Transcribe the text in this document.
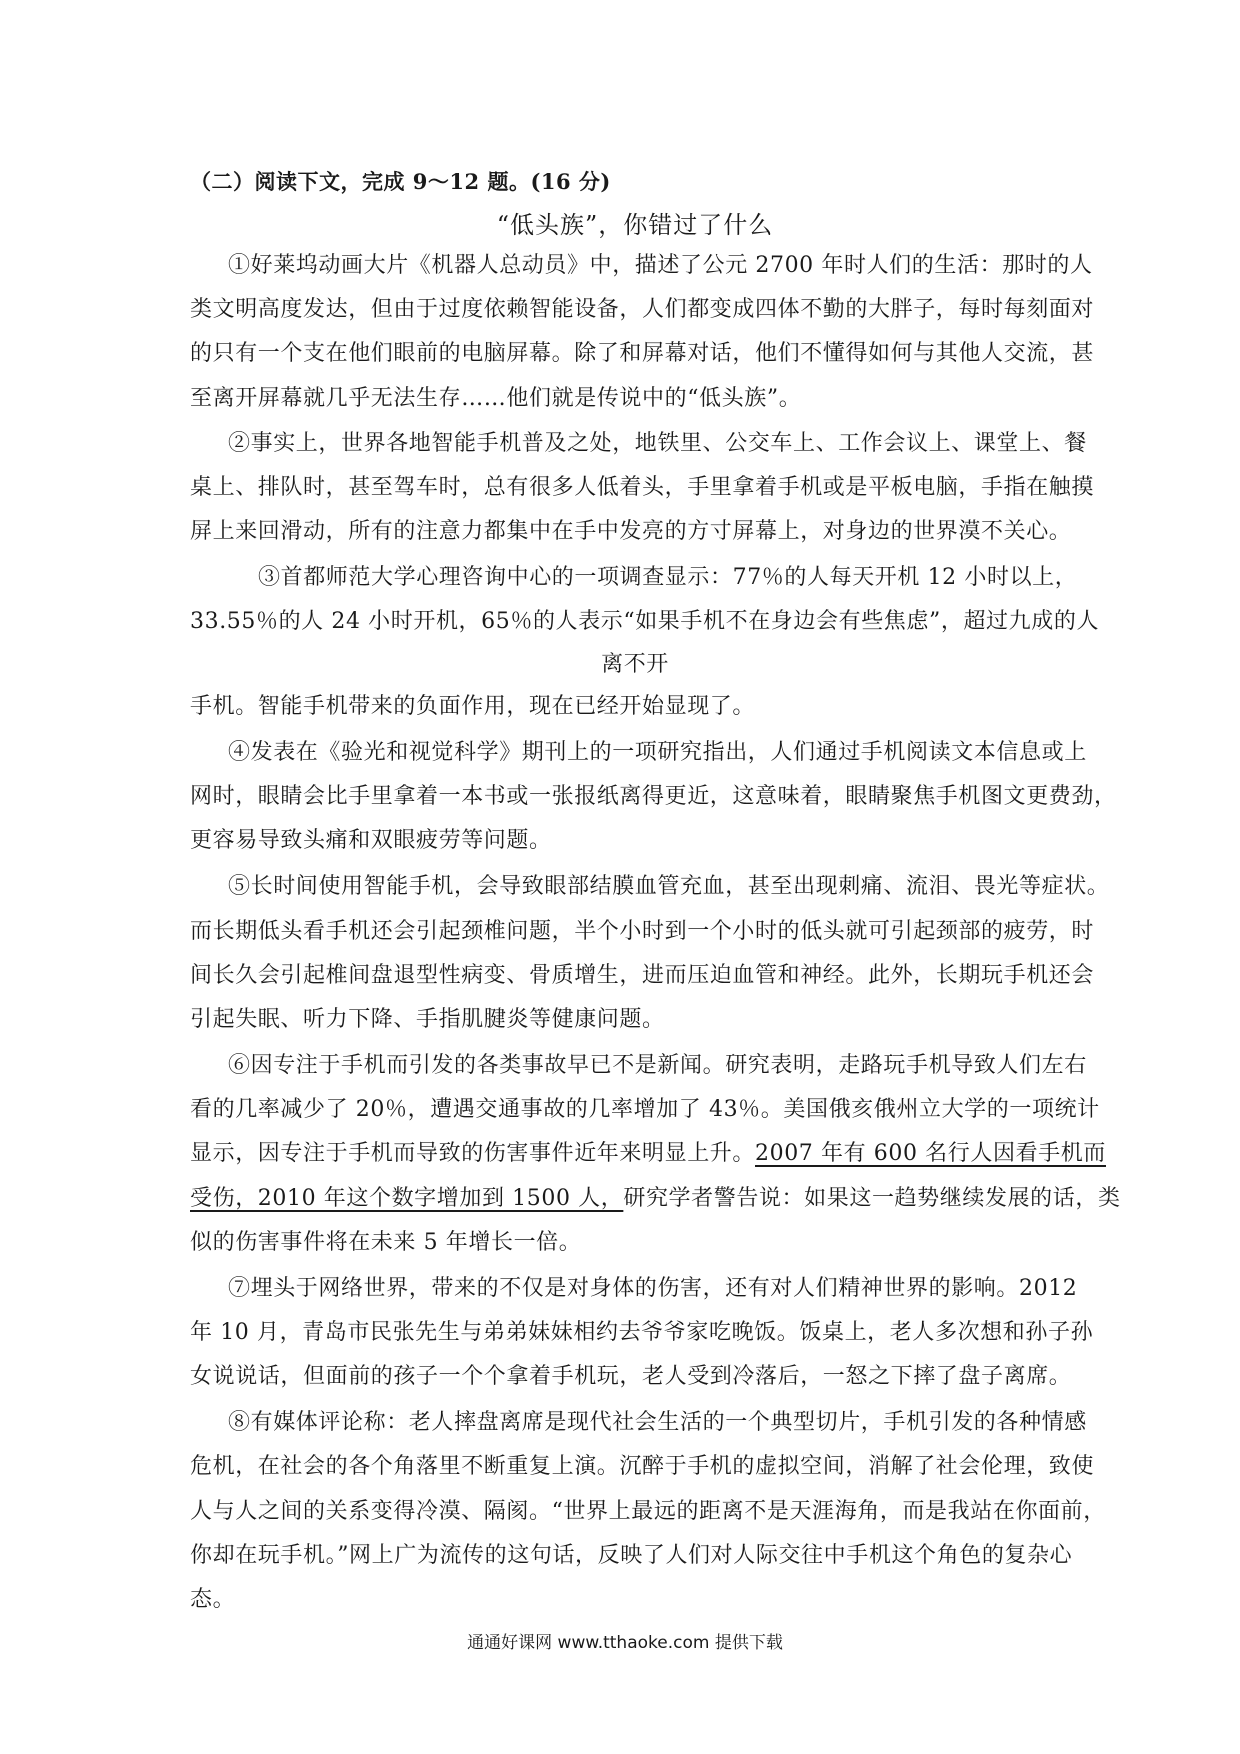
（二）阅读下文，完成 9～12 题。(16 分)
“低头族”，你错过了什么
①好莱坞动画大片《机器人总动员》中，描述了公元 2700 年时人们的生活：那时的人
类文明高度发达，但由于过度依赖智能设备，人们都变成四体不勤的大胖子，每时每刻面对
的只有一个支在他们眼前的电脑屏幕。除了和屏幕对话，他们不懂得如何与其他人交流，甚
至离开屏幕就几乎无法生存……他们就是传说中的“低头族”。
②事实上，世界各地智能手机普及之处，地铁里、公交车上、工作会议上、课堂上、餐
桌上、排队时，甚至驾车时，总有很多人低着头，手里拿着手机或是平板电脑，手指在触摸
屏上来回滑动，所有的注意力都集中在手中发亮的方寸屏幕上，对身边的世界漠不关心。
③首都师范大学心理咨询中心的一项调查显示：77％的人每天开机 12 小时以上，
33.55％的人 24 小时开机，65％的人表示“如果手机不在身边会有些焦虑”，超过九成的人
离不开
手机。智能手机带来的负面作用，现在已经开始显现了。
④发表在《验光和视觉科学》期刊上的一项研究指出，人们通过手机阅读文本信息或上
网时，眼睛会比手里拿着一本书或一张报纸离得更近，这意味着，眼睛聚焦手机图文更费劲，
更容易导致头痛和双眼疲劳等问题。
⑤长时间使用智能手机，会导致眼部结膜血管充血，甚至出现刺痛、流泪、畏光等症状。
而长期低头看手机还会引起颈椎问题，半个小时到一个小时的低头就可引起颈部的疲劳，时
间长久会引起椎间盘退型性病变、骨质增生，进而压迫血管和神经。此外，长期玩手机还会
引起失眠、听力下降、手指肌腱炎等健康问题。
⑥因专注于手机而引发的各类事故早已不是新闻。研究表明，走路玩手机导致人们左右
看的几率减少了 20％，遭遇交通事故的几率增加了 43％。美国俄亥俄州立大学的一项统计
显示，因专注于手机而导致的伤害事件近年来明显上升。2007 年有 600 名行人因看手机而
受伤，2010 年这个数字增加到 1500 人，研究学者警告说：如果这一趋势继续发展的话，类
似的伤害事件将在未来 5 年增长一倍。
⑦埋头于网络世界，带来的不仅是对身体的伤害，还有对人们精神世界的影响。2012
年 10 月，青岛市民张先生与弟弟妹妹相约去爷爷家吃晚饭。饭桌上，老人多次想和孙子孙
女说说话，但面前的孩子一个个拿着手机玩，老人受到冷落后，一怒之下摔了盘子离席。
⑧有媒体评论称：老人摔盘离席是现代社会生活的一个典型切片，手机引发的各种情感
危机，在社会的各个角落里不断重复上演。沉醉于手机的虚拟空间，消解了社会伦理，致使
人与人之间的关系变得冷漠、隔阂。“世界上最远的距离不是天涯海角，而是我站在你面前，
你却在玩手机。”网上广为流传的这句话，反映了人们对人际交往中手机这个角色的复杂心
态。
通通好课网 www.tthaoke.com 提供下载
